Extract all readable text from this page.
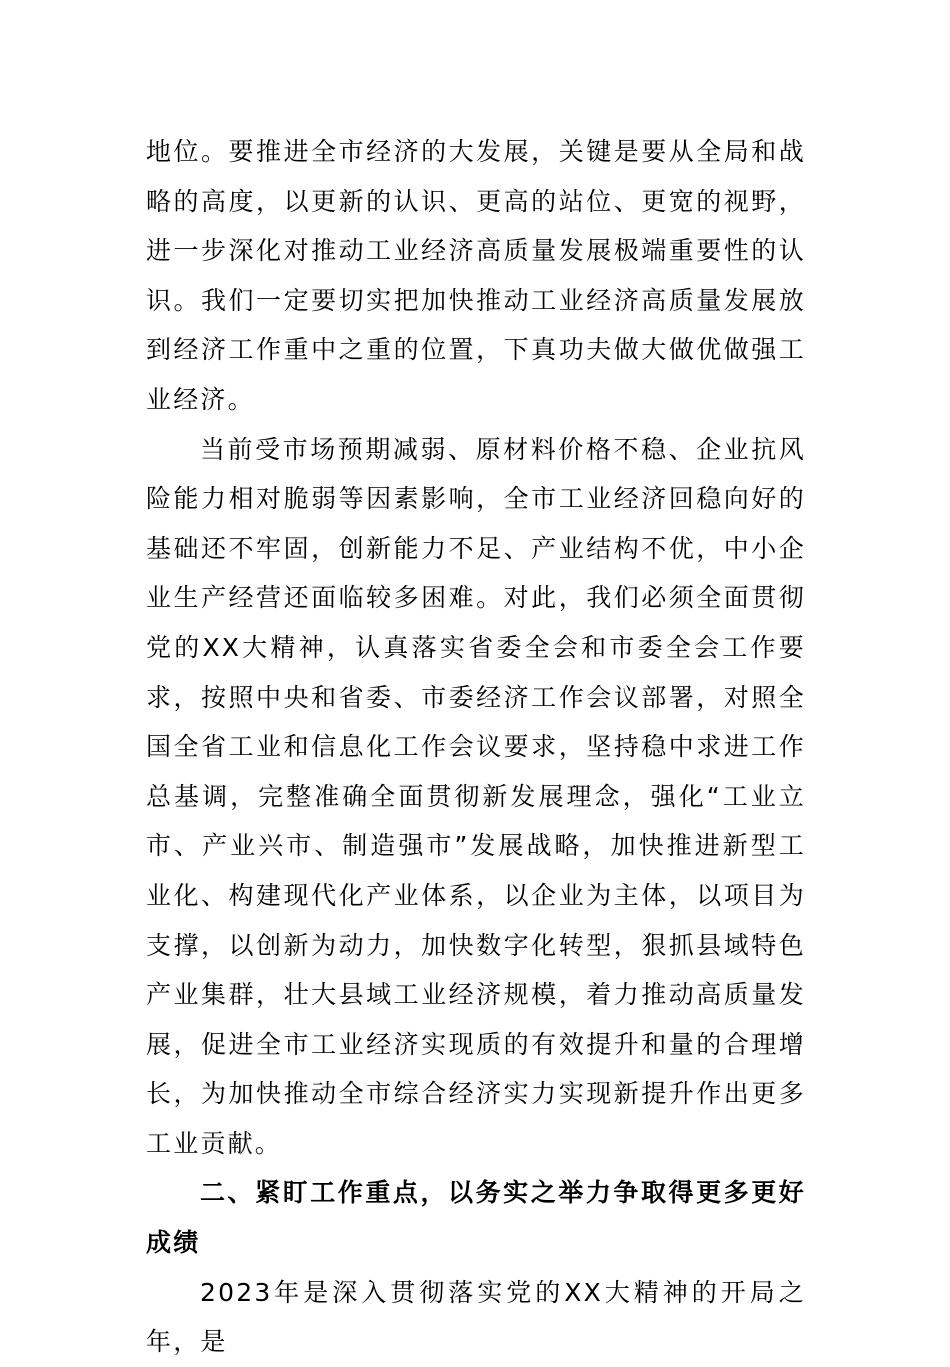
地位。要推进全市经济的大发展，关键是要从全局和战略的高度，以更新的认识、更高的站位、更宽的视野，进一步深化对推动工业经济高质量发展极端重要性的认识。我们一定要切实把加快推动工业经济高质量发展放到经济工作重中之重的位置，下真功夫做大做优做强工业经济。

当前受市场预期减弱、原材料价格不稳、企业抗风险能力相对脆弱等因素影响，全市工业经济回稳向好的基础还不牢固，创新能力不足、产业结构不优，中小企业生产经营还面临较多困难。对此，我们必须全面贯彻党的XX大精神，认真落实省委全会和市委全会工作要求，按照中央和省委、市委经济工作会议部署，对照全国全省工业和信息化工作会议要求，坚持稳中求进工作总基调，完整准确全面贯彻新发展理念，强化“工业立市、产业兴市、制造强市”发展战略，加快推进新型工业化、构建现代化产业体系，以企业为主体，以项目为支撑，以创新为动力，加快数字化转型，狠抓县域特色产业集群，壮大县域工业经济规模，着力推动高质量发展，促进全市工业经济实现质的有效提升和量的合理增长，为加快推动全市综合经济实力实现新提升作出更多工业贡献。

二、紧盯工作重点，以务实之举力争取得更多更好成绩

2023年是深入贯彻落实党的XX大精神的开局之年，是
